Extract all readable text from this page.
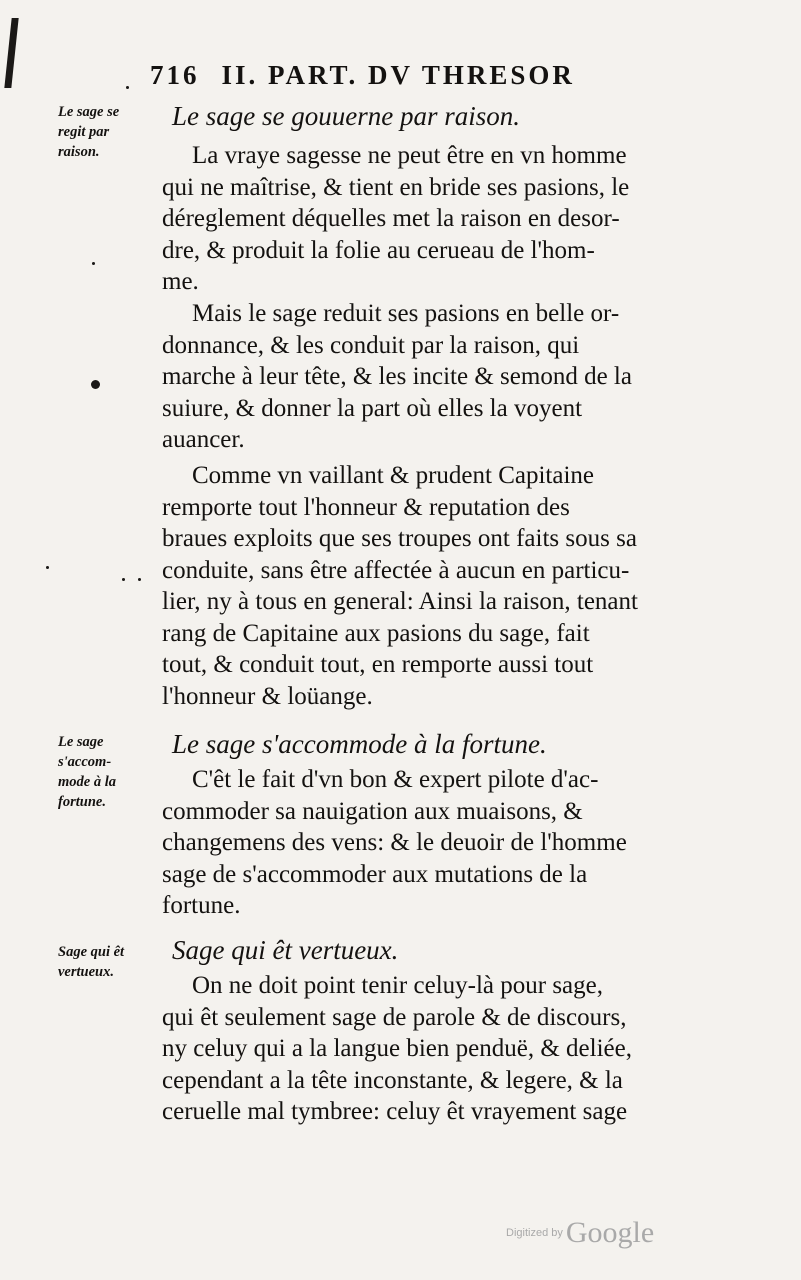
716 II. PART. DV THRESOR
Le sage se
regit par
raison.
Le sage
s'accom-
mode à la
fortune.
Sage qui êt
vertueux.
Le sage se gouuerne par raison.
La vraye sagesse ne peut être en vn homme
qui ne maîtrise, & tient en bride ses pasions, le
déreglement déquelles met la raison en desor-
dre, & produit la folie au cerueau de l'hom-
me.
Mais le sage reduit ses pasions en belle or-
donnance, & les conduit par la raison, qui
marche à leur tête, & les incite & semond de la
suiure, & donner la part où elles la voyent
auancer.
Comme vn vaillant & prudent Capitaine
remporte tout l'honneur & reputation des
braues exploits que ses troupes ont faits sous sa
conduite, sans être affectée à aucun en particu-
lier, ny à tous en general: Ainsi la raison, tenant
rang de Capitaine aux pasions du sage, fait
tout, & conduit tout, en remporte aussi tout
l'honneur & loüange.
Le sage s'accommode à la fortune.
C'êt le fait d'vn bon & expert pilote d'ac-
commoder sa nauigation aux muaisons, &
changemens des vens: & le deuoir de l'homme
sage de s'accommoder aux mutations de la
fortune.
Sage qui êt vertueux.
On ne doit point tenir celuy-là pour sage,
qui êt seulement sage de parole & de discours,
ny celuy qui a la langue bien penduë, & deliée,
cependant a la tête inconstante, & legere, & la
ceruelle mal tymbree: celuy êt vrayement sage
Digitized by Google
